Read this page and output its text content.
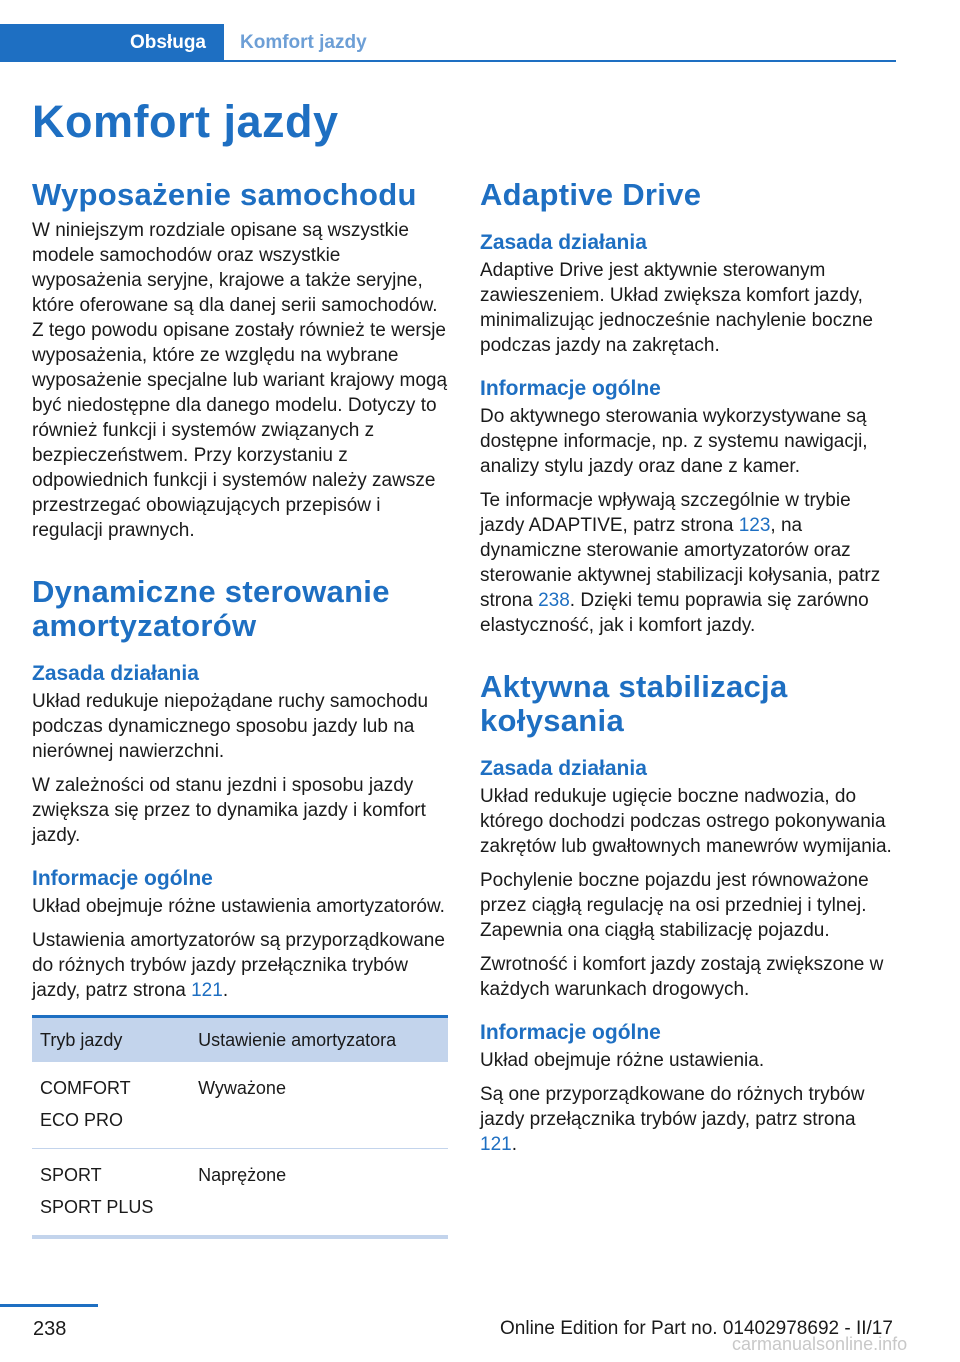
Obsługa	Komfort jazdy
Komfort jazdy
Wyposażenie samochodu

W niniejszym rozdziale opisane są wszystkie modele samochodów oraz wszystkie wyposażenia seryjne, krajowe a także seryjne, które oferowane są dla danej serii samochodów. Z tego powodu opisane zostały również te wersje wyposażenia, które ze względu na wybrane wyposażenie specjalne lub wariant krajowy mogą być niedostępne dla danego modelu. Dotyczy to również funkcji i systemów związanych z bezpieczeństwem. Przy korzystaniu z odpowiednich funkcji i systemów należy zawsze przestrzegać obowiązujących przepisów i regulacji prawnych.

Dynamiczne sterowanie amortyzatorów
Zasada działania

Układ redukuje niepożądane ruchy samochodu podczas dynamicznego sposobu jazdy lub na nierównej nawierzchni.

W zależności od stanu jezdni i sposobu jazdy zwiększa się przez to dynamika jazdy i komfort jazdy.

Informacje ogólne

Układ obejmuje różne ustawienia amortyzatorów.

Ustawienia amortyzatorów są przyporządkowane do różnych trybów jazdy przełącznika trybów jazdy, patrz strona 121.

Tryb jazdy	Ustawienie amortyzatora

COMFORT
ECO PRO	Wyważone

SPORT
SPORT PLUS	Naprężone
Adaptive Drive
Zasada działania

Adaptive Drive jest aktywnie sterowanym zawieszeniem. Układ zwiększa komfort jazdy, minimalizując jednocześnie nachylenie boczne podczas jazdy na zakrętach.

Informacje ogólne

Do aktywnego sterowania wykorzystywane są dostępne informacje, np. z systemu nawigacji, analizy stylu jazdy oraz dane z kamer.

Te informacje wpływają szczególnie w trybie jazdy ADAPTIVE, patrz strona 123, na dynamiczne sterowanie amortyzatorów oraz sterowanie aktywnej stabilizacji kołysania, patrz strona 238. Dzięki temu poprawia się zarówno elastyczność, jak i komfort jazdy.

Aktywna stabilizacja kołysania
Zasada działania

Układ redukuje ugięcie boczne nadwozia, do którego dochodzi podczas ostrego pokonywania zakrętów lub gwałtownych manewrów wymijania.

Pochylenie boczne pojazdu jest równoważone przez ciągłą regulację na osi przedniej i tylnej. Zapewnia ona ciągłą stabilizację pojazdu.

Zwrotność i komfort jazdy zostają zwiększone w każdych warunkach drogowych.

Informacje ogólne

Układ obejmuje różne ustawienia.

Są one przyporządkowane do różnych trybów jazdy przełącznika trybów jazdy, patrz strona 121.

238	Online Edition for Part no. 01402978692 - II/17
carmanualsonline.info
